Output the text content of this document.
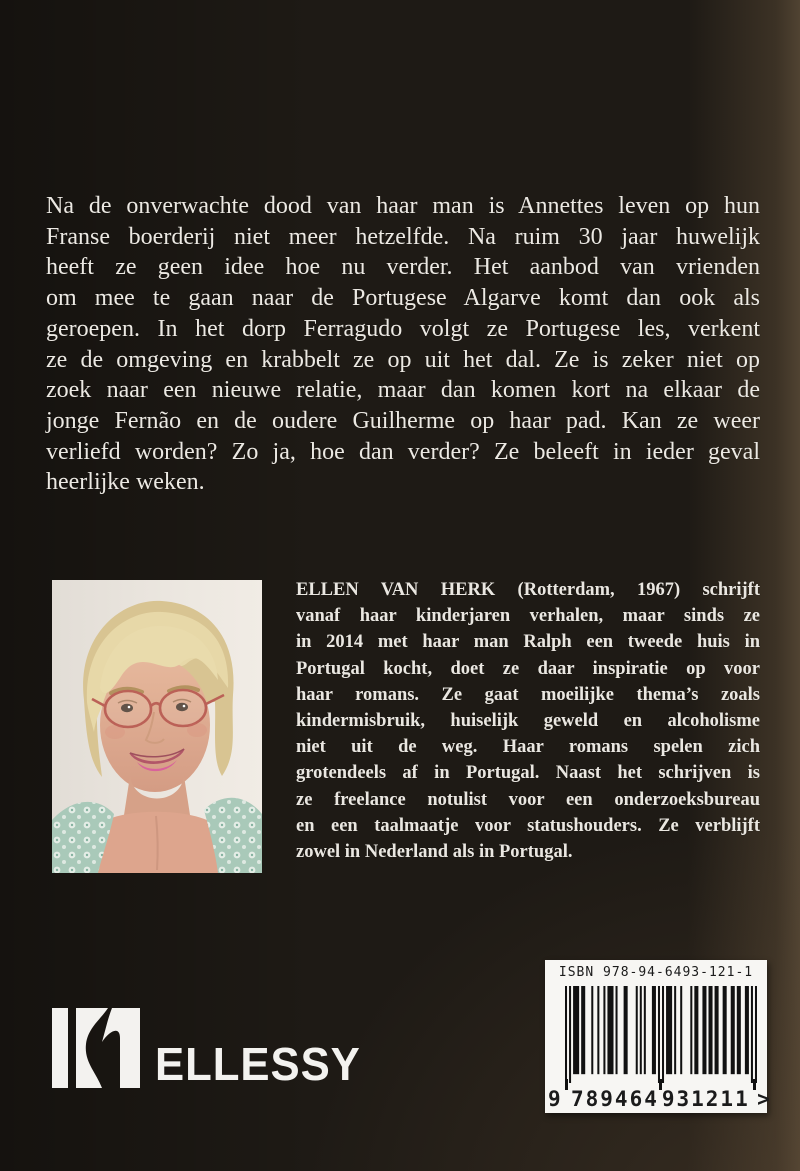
Na de onverwachte dood van haar man is Annettes leven op hun
Franse boerderij niet meer hetzelfde. Na ruim 30 jaar huwelijk
heeft ze geen idee hoe nu verder. Het aanbod van vrienden
om mee te gaan naar de Portugese Algarve komt dan ook als
geroepen. In het dorp Ferragudo volgt ze Portugese les, verkent
ze de omgeving en krabbelt ze op uit het dal. Ze is zeker niet op
zoek naar een nieuwe relatie, maar dan komen kort na elkaar de
jonge Fernão en de oudere Guilherme op haar pad. Kan ze weer
verliefd worden? Zo ja, hoe dan verder? Ze beleeft in ieder geval
heerlijke weken.
ELLEN VAN HERK (Rotterdam, 1967) schrijft
vanaf haar kinderjaren verhalen, maar sinds ze
in 2014 met haar man Ralph een tweede huis in
Portugal kocht, doet ze daar inspiratie op voor
haar romans. Ze gaat moeilijke thema’s zoals
kindermisbruik, huiselijk geweld en alcoholisme
niet uit de weg. Haar romans spelen zich
grotendeels af in Portugal. Naast het schrijven is
ze freelance notulist voor een onderzoeksbureau
en een taalmaatje voor statushouders. Ze verblijft
zowel in Nederland als in Portugal.
ELLESSY
ISBN 978-94-6493-121-1
9 789464 931211 >
